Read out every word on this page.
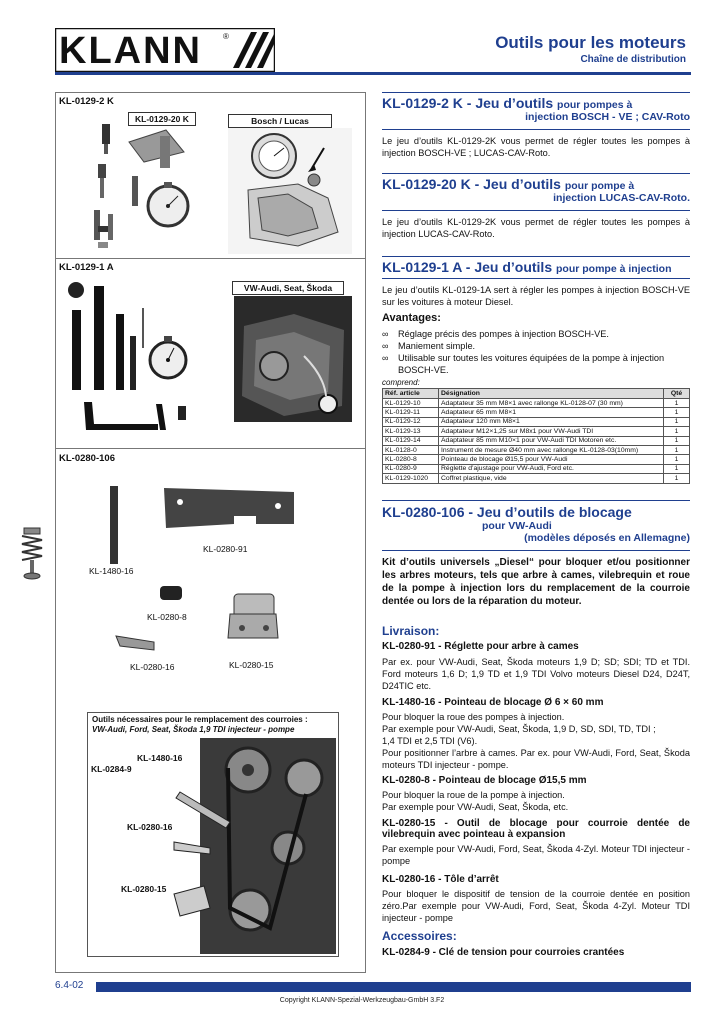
KLANN	®	Outils pour les moteurs
Chaîne de distribution
KL-0129-2 K
KL-0129-20 K	Bosch / Lucas
KL-0129-1 A
VW-Audi, Seat, Škoda
KL-0280-106
KL-0280-91
KL-1480-16
KL-0280-8
KL-0280-16	KL-0280-15
Outils nécessaires pour le remplacement des courroies :
VW-Audi, Ford, Seat, Škoda 1,9 TDI injecteur - pompe
KL-1480-16
KL-0284-9
KL-0280-16
KL-0280-15
KL-0129-2 K - Jeu d’outils pour pompes à
injection BOSCH - VE ; CAV-Roto
Le jeu d’outils KL-0129-2K vous permet de régler toutes les pompes à injection BOSCH-VE ; LUCAS-CAV-Roto.
KL-0129-20 K - Jeu d’outils pour pompe à
injection LUCAS-CAV-Roto.
Le jeu d’outils KL-0129-2K vous permet de régler toutes les pompes à injection LUCAS-CAV-Roto.
KL-0129-1 A - Jeu d’outils pour pompe à injection
Le jeu d’outils KL-0129-1A sert à régler les pompes à injection BOSCH-VE sur les voitures à moteur Diesel.
Avantages:
∞ Réglage précis des pompes à injection BOSCH-VE.
∞ Maniement simple.
∞ Utilisable sur toutes les voitures équipées de la pompe à injection BOSCH-VE.
comprend:
Réf. article	Désignation	Qté
KL-0129-10	Adaptateur 35 mm M8×1 avec rallonge KL-0128-07 (30 mm)	1
KL-0129-11	Adaptateur 65 mm M8×1	1
KL-0129-12	Adaptateur 120 mm M8×1	1
KL-0129-13	Adaptateur M12×1,25 sur M8x1 pour VW-Audi TDI	1
KL-0129-14	Adaptateur 85 mm M10×1 pour VW-Audi TDI Motoren etc.	1
KL-0128-0	Instrument de mesure Ø40 mm avec rallonge KL-0128-03(10mm)	1
KL-0280-8	Pointeau de blocage Ø15,5 pour VW-Audi	1
KL-0280-9	Réglette d’ajustage pour VW-Audi, Ford etc.	1
KL-0129-1020	Coffret plastique, vide	1
KL-0280-106 - Jeu d’outils de blocage
pour VW-Audi
(modèles déposés en Allemagne)
Kit d’outils universels „Diesel“ pour bloquer et/ou positionner les arbres moteurs, tels que arbre à cames, vilebrequin et roue de la pompe à injection lors du remplacement de la courroie dentée ou lors de la réparation du moteur.
Livraison:
KL-0280-91 - Réglette pour arbre à cames
Par ex. pour VW-Audi, Seat, Škoda moteurs 1,9 D; SD; SDI; TD et TDI. Ford moteurs 1,6 D; 1,9 TD et 1,9 TDI Volvo moteurs Diesel D24, D24T, D24TIC etc.
KL-1480-16 - Pointeau de blocage Ø 6 × 60 mm
Pour bloquer la roue des pompes à injection.
Par exemple pour VW-Audi, Seat, Škoda, 1,9 D, SD, SDI, TD, TDI ;
1,4 TDI et 2,5 TDI (V6).
Pour positionner l’arbre à cames. Par ex. pour VW-Audi, Ford, Seat, Škoda moteurs TDI injecteur - pompe.
KL-0280-8 - Pointeau de blocage Ø15,5 mm
Pour bloquer la roue de la pompe à injection.
Par exemple pour VW-Audi, Seat, Škoda, etc.
KL-0280-15 - Outil de blocage pour courroie dentée de vilebrequin avec pointeau à expansion
Par exemple pour VW-Audi, Ford, Seat, Škoda 4-Zyl. Moteur TDI injecteur - pompe
KL-0280-16 - Tôle d’arrêt
Pour bloquer le dispositif de tension de la courroie dentée en position zéro.Par exemple pour VW-Audi, Ford, Seat, Škoda 4-Zyl. Moteur TDI injecteur - pompe
Accessoires:
KL-0284-9 - Clé de tension pour courroies crantées
6.4-02
Copyright KLANN-Spezial-Werkzeugbau-GmbH 3.F2
